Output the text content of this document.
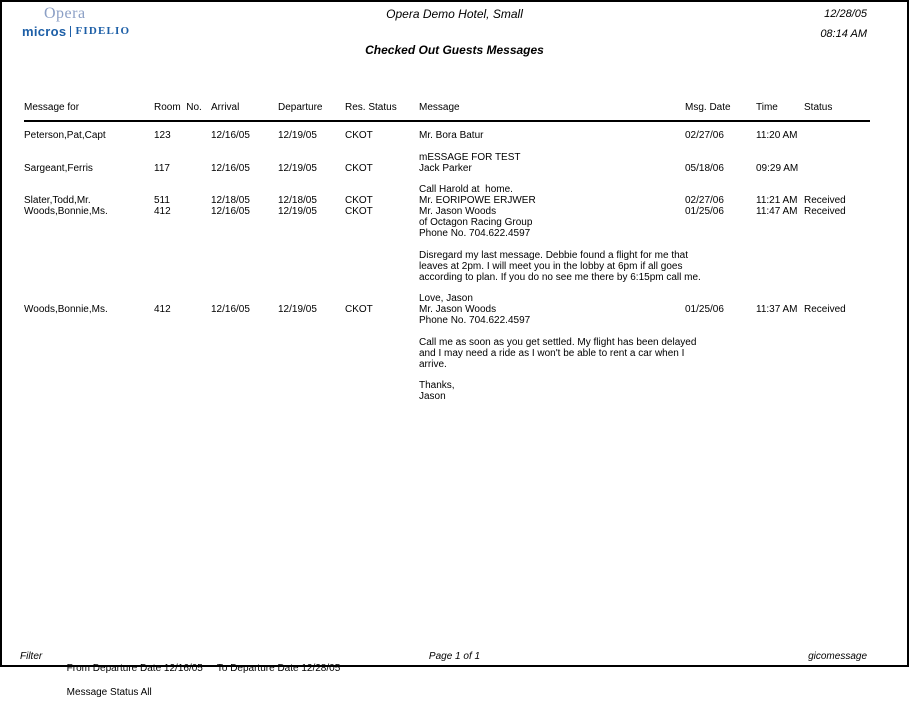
Opera
micros FIDELIO
Opera Demo Hotel, Small	12/28/05
08:14 AM
Checked Out Guests Messages
Message for	Room  No. Arrival	Departure	Res. Status	Message	Msg. Date	Time	Status
Peterson,Pat,Capt	123	12/16/05	12/19/05	CKOT	Mr. Bora Batur	02/27/06	11:20 AM
mESSAGE FOR TEST
Sargeant,Ferris	117	12/16/05	12/19/05	CKOT	Jack Parker	05/18/06	09:29 AM
Call Harold at  home.
Slater,Todd,Mr.	511	12/18/05	12/18/05	CKOT	Mr. EORIPOWE ERJWER	02/27/06	11:21 AM Received
Woods,Bonnie,Ms.	412	12/16/05	12/19/05	CKOT	Mr. Jason Woods	01/25/06	11:47 AM Received
of Octagon Racing Group
Phone No. 704.622.4597
Disregard my last message. Debbie found a flight for me that
leaves at 2pm. I will meet you in the lobby at 6pm if all goes
according to plan. If you do no see me there by 6:15pm call me.
Love, Jason
Woods,Bonnie,Ms.	412	12/16/05	12/19/05	CKOT	Mr. Jason Woods	01/25/06	11:37 AM Received
Phone No. 704.622.4597
Call me as soon as you get settled. My flight has been delayed
and I may need a ride as I won't be able to rent a car when I
arrive.
Thanks,
Jason
Filter

From Departure Date 12/16/05 To Departure Date 12/28/05

Message Status All

Page 1 of 1	gicomessage
